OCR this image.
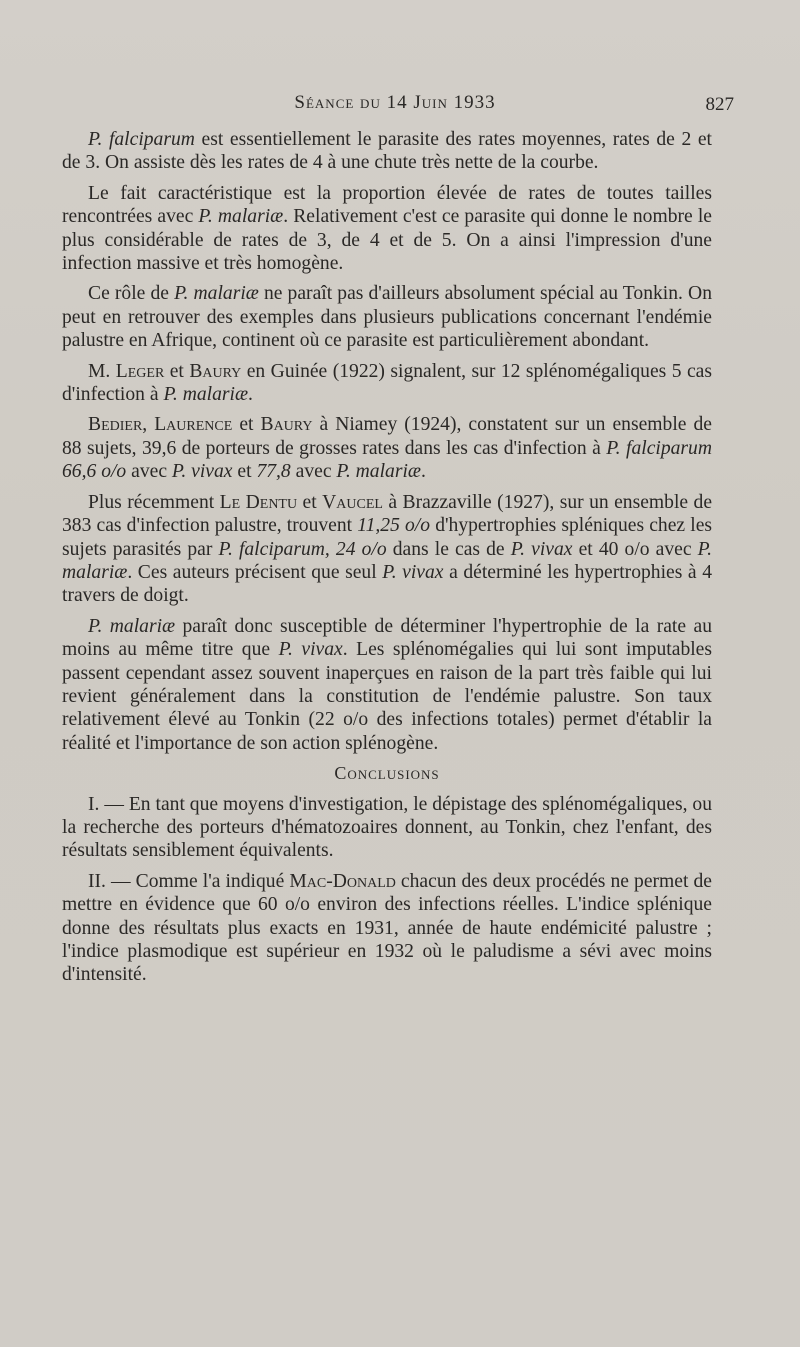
Séance du 14 Juin 1933	827

P. falciparum est essentiellement le parasite des rates moyennes, rates de 2 et de 3. On assiste dès les rates de 4 à une chute très nette de la courbe.

Le fait caractéristique est la proportion élevée de rates de toutes tailles rencontrées avec P. malariæ. Relativement c'est ce parasite qui donne le nombre le plus considérable de rates de 3, de 4 et de 5. On a ainsi l'impression d'une infection massive et très homogène.

Ce rôle de P. malariæ ne paraît pas d'ailleurs absolument spécial au Tonkin. On peut en retrouver des exemples dans plusieurs publications concernant l'endémie palustre en Afrique, continent où ce parasite est particulièrement abondant.

M. Leger et Baury en Guinée (1922) signalent, sur 12 splénomégaliques 5 cas d'infection à P. malariæ.

Bedier, Laurence et Baury à Niamey (1924), constatent sur un ensemble de 88 sujets, 39,6 de porteurs de grosses rates dans les cas d'infection à P. falciparum 66,6 o/o avec P. vivax et 77,8 avec P. malariæ.

Plus récemment Le Dentu et Vaucel à Brazzaville (1927), sur un ensemble de 383 cas d'infection palustre, trouvent 11,25 o/o d'hypertrophies spléniques chez les sujets parasités par P. falciparum, 24 o/o dans le cas de P. vivax et 40 o/o avec P. malariæ. Ces auteurs précisent que seul P. vivax a déterminé les hypertrophies à 4 travers de doigt.

P. malariæ paraît donc susceptible de déterminer l'hypertrophie de la rate au moins au même titre que P. vivax. Les splénomégalies qui lui sont imputables passent cependant assez souvent inaperçues en raison de la part très faible qui lui revient généralement dans la constitution de l'endémie palustre. Son taux relativement élevé au Tonkin (22 o/o des infections totales) permet d'établir la réalité et l'importance de son action splénogène.

Conclusions

I. — En tant que moyens d'investigation, le dépistage des splénomégaliques, ou la recherche des porteurs d'hématozoaires donnent, au Tonkin, chez l'enfant, des résultats sensiblement équivalents.

II. — Comme l'a indiqué Mac-Donald chacun des deux procédés ne permet de mettre en évidence que 60 o/o environ des infections réelles. L'indice splénique donne des résultats plus exacts en 1931, année de haute endémicité palustre ; l'indice plasmodique est supérieur en 1932 où le paludisme a sévi avec moins d'intensité.
